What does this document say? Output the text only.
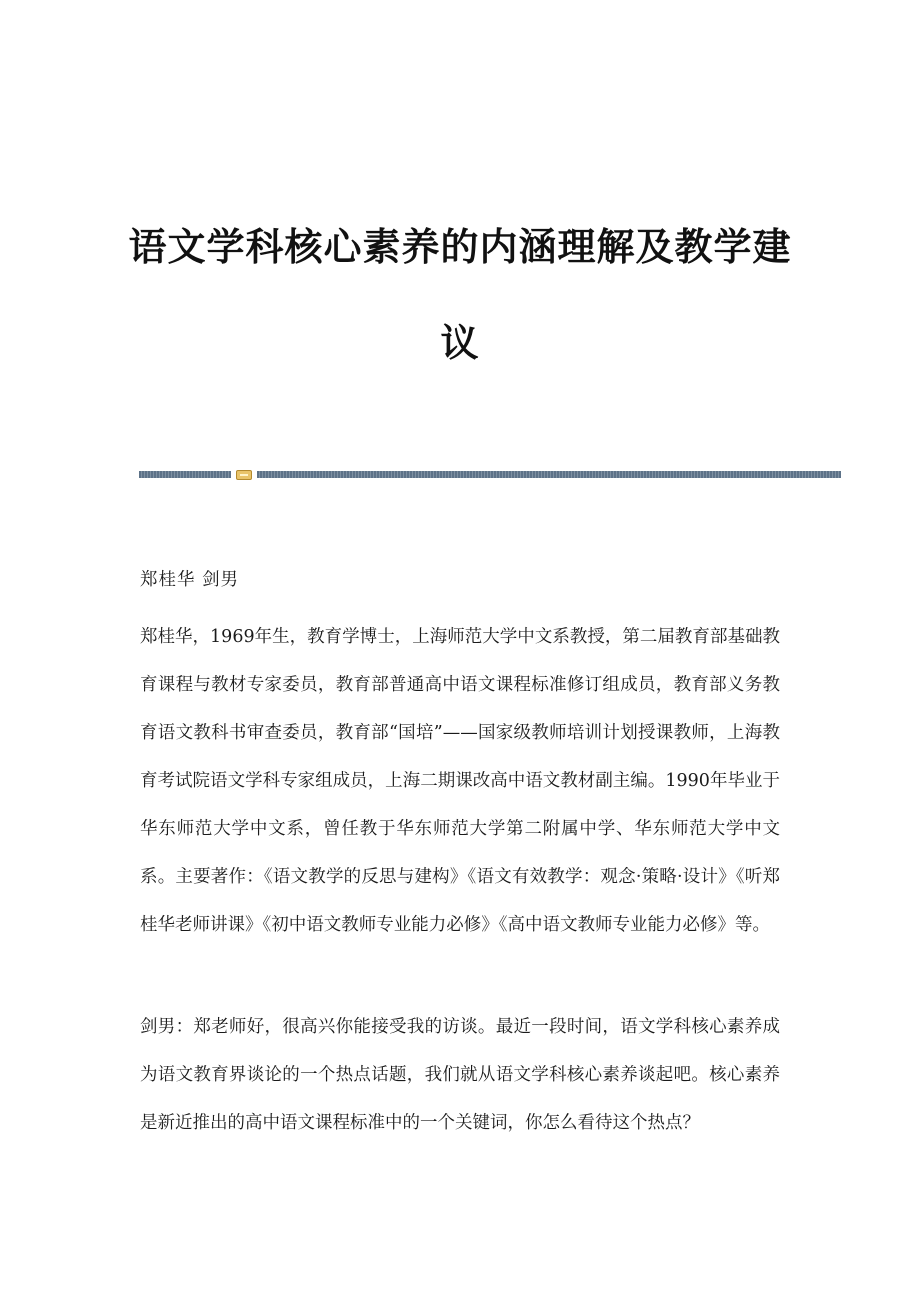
语文学科核心素养的内涵理解及教学建
议
郑桂华 剑男
郑桂华，1969年生，教育学博士，上海师范大学中文系教授，第二届教育部基础教育课程与教材专家委员，教育部普通高中语文课程标准修订组成员，教育部义务教育语文教科书审查委员，教育部“国培”——国家级教师培训计划授课教师，上海教育考试院语文学科专家组成员，上海二期课改高中语文教材副主编。1990年毕业于华东师范大学中文系，曾任教于华东师范大学第二附属中学、华东师范大学中文系。主要著作：《语文教学的反思与建构》《语文有效教学：观念·策略·设计》《听郑桂华老师讲课》《初中语文教师专业能力必修》《高中语文教师专业能力必修》等。
剑男：郑老师好，很高兴你能接受我的访谈。最近一段时间，语文学科核心素养成为语文教育界谈论的一个热点话题，我们就从语文学科核心素养谈起吧。核心素养是新近推出的高中语文课程标准中的一个关键词，你怎么看待这个热点？
